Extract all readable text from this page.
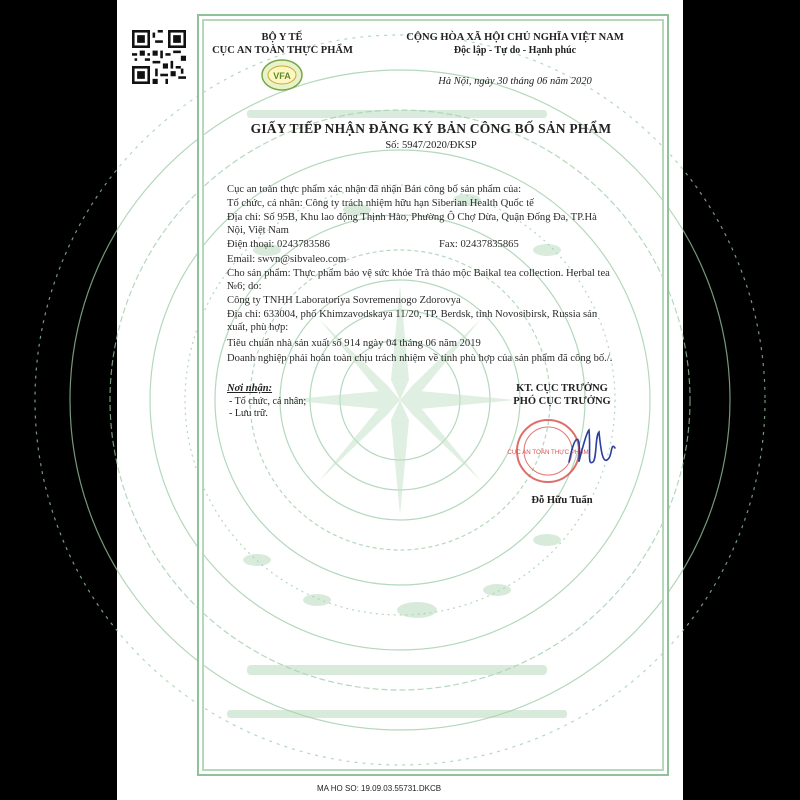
BỘ Y TẾ
CỤC AN TOÀN THỰC PHẨM
VFA
CỘNG HÒA XÃ HỘI CHỦ NGHĨA VIỆT NAM
Độc lập - Tự do - Hạnh phúc
Hà Nội, ngày 30 tháng 06 năm 2020
GIẤY TIẾP NHẬN ĐĂNG KÝ BẢN CÔNG BỐ SẢN PHẨM
Số: 5947/2020/ĐKSP
Cục an toàn thực phẩm xác nhận đã nhận Bản công bố sản phẩm của:
Tổ chức, cá nhân: Công ty trách nhiệm hữu hạn Siberian Health Quốc tế
Địa chỉ: Số 95B, Khu lao động Thịnh Hào, Phường Ô Chợ Dừa, Quận Đống Đa, TP.Hà
Nội, Việt Nam
Điện thoại: 0243783586	Fax: 02437835865
Email: swvn@sibvaleo.com
Cho sản phẩm: Thực phẩm bảo vệ sức khỏe Trà thảo mộc Baikal tea collection. Herbal tea
№6; do:
Công ty TNHH Laboratoriya Sovremennogo Zdorovya
Địa chỉ: 633004, phố Khimzavodskaya 11/20, TP. Berdsk, tỉnh Novosibirsk, Russia sản
xuất, phù hợp:
Tiêu chuẩn nhà sản xuất số 914 ngày 04 tháng 06 năm 2019
Doanh nghiệp phải hoàn toàn chịu trách nhiệm về tính phù hợp của sản phẩm đã công bố./.
Nơi nhận:
- Tổ chức, cá nhân;
- Lưu trữ.
KT. CỤC TRƯỞNG
PHÓ CỤC TRƯỞNG
CỤC AN TOÀN THỰC PHẨM
Đỗ Hữu Tuấn
MA HO SO: 19.09.03.55731.DKCB
